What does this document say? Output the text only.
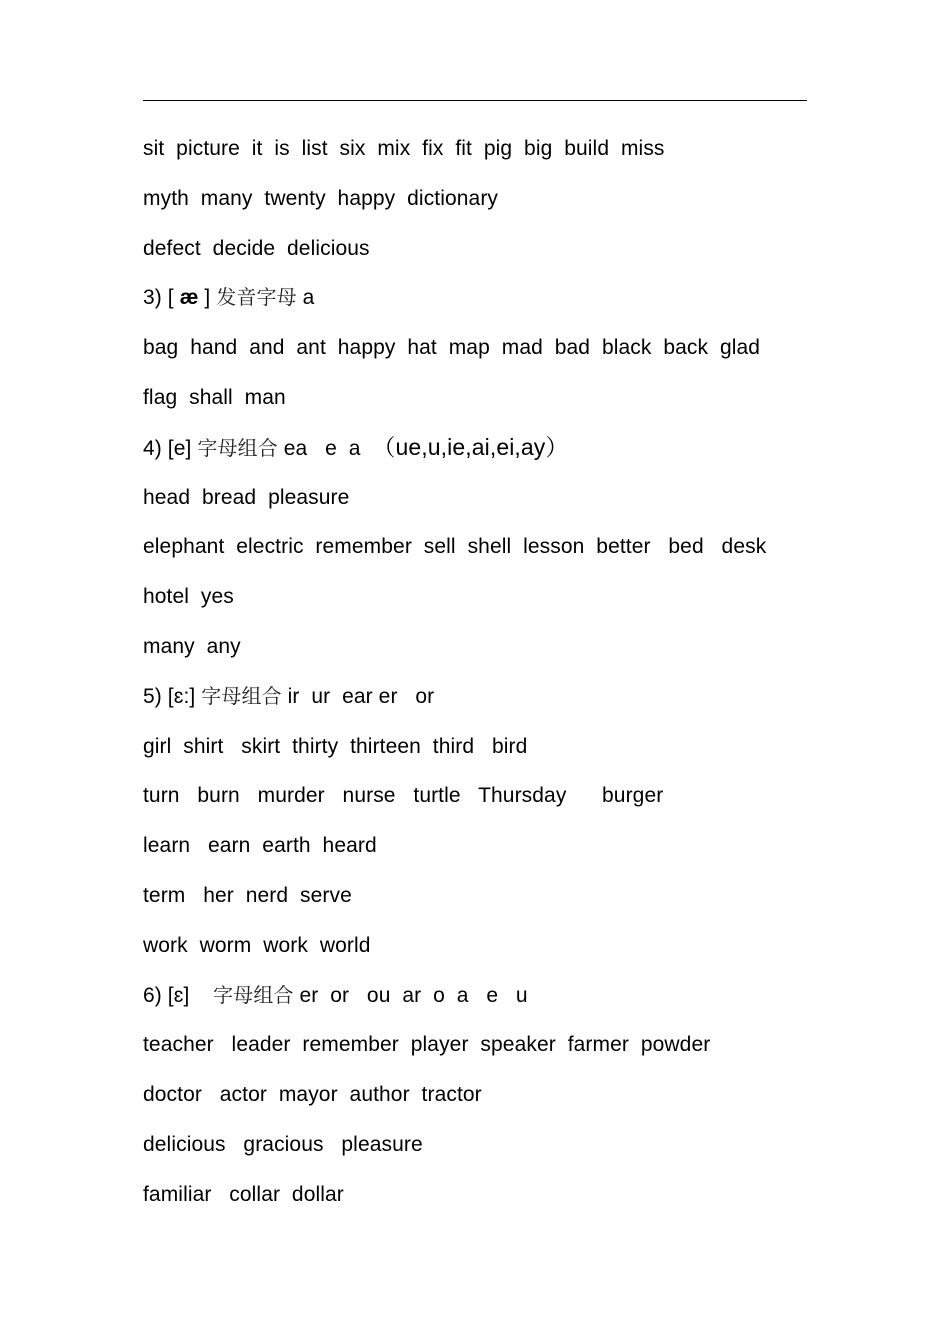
sit  picture  it  is  list  six  mix  fix  fit  pig  big  build  miss
myth  many  twenty  happy  dictionary
defect  decide  delicious
3) [ æ ] 发音字母 a
bag  hand  and  ant  happy  hat  map  mad  bad  black  back  glad
flag  shall  man
4) [e] 字母组合 ea   e  a  （ue,u,ie,ai,ei,ay）
head  bread  pleasure
elephant  electric  remember  sell  shell  lesson  better   bed   desk
hotel  yes
many  any
5) [ɛ:] 字母组合 ir  ur  ear er   or
girl  shirt   skirt  thirty  thirteen  third   bird
turn   burn   murder   nurse   turtle   Thursday      burger
learn   earn  earth  heard
term   her  nerd  serve
work  worm  work  world
6) [ɛ]    字母组合 er  or   ou  ar  o  a   e   u
teacher   leader  remember  player  speaker  farmer  powder
doctor   actor  mayor  author  tractor
delicious   gracious   pleasure
familiar   collar  dollar
